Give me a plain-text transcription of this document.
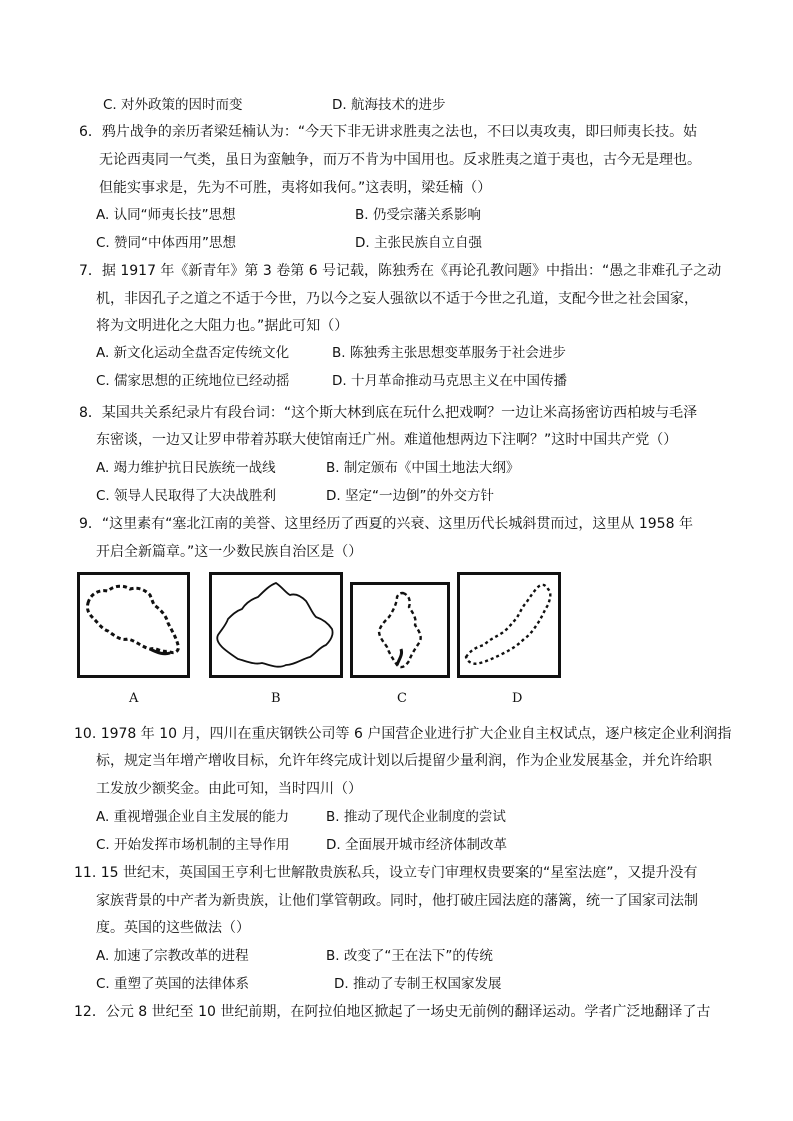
C. 对外政策的因时而变	D. 航海技术的进步
6．鸦片战争的亲历者梁廷楠认为：“今天下非无讲求胜夷之法也，不曰以夷攻夷，即曰师夷长技。姑
无论西夷同一气类，虽日为蛮触争，而万不肯为中国用也。反求胜夷之道于夷也，古今无是理也。
但能实事求是，先为不可胜，夷将如我何。”这表明，梁廷楠（）
A. 认同“师夷长技”思想	B. 仍受宗藩关系影响
C. 赞同“中体西用”思想	D. 主张民族自立自强
7．据 1917 年《新青年》第 3 卷第 6 号记载，陈独秀在《再论孔教问题》中指出：“愚之非难孔子之动
机，非因孔子之道之不适于今世，乃以今之妄人强欲以不适于今世之孔道，支配今世之社会国家，
将为文明进化之大阻力也。”据此可知（）
A. 新文化运动全盘否定传统文化	B. 陈独秀主张思想变革服务于社会进步
C. 儒家思想的正统地位已经动摇	D. 十月革命推动马克思主义在中国传播
8．某国共关系纪录片有段台词：“这个斯大林到底在玩什么把戏啊？一边让米高扬密访西柏坡与毛泽
东密谈，一边又让罗申带着苏联大使馆南迁广州。难道他想两边下注啊？”这时中国共产党（）
A. 竭力维护抗日民族统一战线	B. 制定颁布《中国土地法大纲》
C. 领导人民取得了大决战胜利	D. 坚定“一边倒”的外交方针
9．“这里素有“塞北江南的美誉、这里经历了西夏的兴衰、这里历代长城斜贯而过，这里从 1958 年
开启全新篇章。”这一少数民族自治区是（）
A	B	C	D
10. 1978 年 10 月，四川在重庆钢铁公司等 6 户国营企业进行扩大企业自主权试点，逐户核定企业利润指
标，规定当年增产增收目标，允许年终完成计划以后提留少量利润，作为企业发展基金，并允许给职
工发放少额奖金。由此可知，当时四川（）
A. 重视增强企业自主发展的能力	B. 推动了现代企业制度的尝试
C. 开始发挥市场机制的主导作用	D. 全面展开城市经济体制改革
11. 15 世纪末，英国国王亨利七世解散贵族私兵，设立专门审理权贵要案的“星室法庭”，又提升没有
家族背景的中产者为新贵族，让他们掌管朝政。同时，他打破庄园法庭的藩篱，统一了国家司法制
度。英国的这些做法（）
A. 加速了宗教改革的进程	B. 改变了“王在法下”的传统
C. 重塑了英国的法律体系	D. 推动了专制王权国家发展
12．公元 8 世纪至 10 世纪前期，在阿拉伯地区掀起了一场史无前例的翻译运动。学者广泛地翻译了古
